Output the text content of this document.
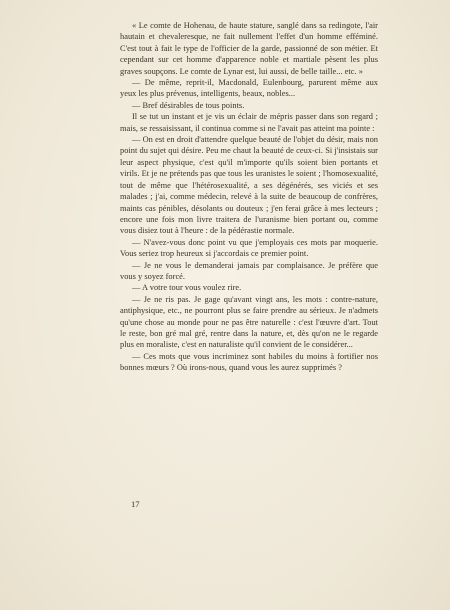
« Le comte de Hohenau, de haute stature, sanglé dans sa redingote, l'air hautain et chevaleresque, ne fait nullement l'effet d'un homme efféminé. C'est tout à fait le type de l'officier de la garde, passionné de son métier. Et cependant sur cet homme d'apparence noble et martiale pèsent les plus graves soupçons. Le comte de Lynar est, lui aussi, de belle taille... etc. »

— De même, reprit-il, Macdonald, Eulenbourg, parurent même aux yeux les plus prévenus, intelligents, beaux, nobles...

— Bref désirables de tous points.

Il se tut un instant et je vis un éclair de mépris passer dans son regard ; mais, se ressaisissant, il continua comme si ne l'avait pas atteint ma pointe :

— On est en droit d'attendre quelque beauté de l'objet du désir, mais non point du sujet qui désire. Peu me chaut la beauté de ceux-ci. Si j'insistais sur leur aspect physique, c'est qu'il m'importe qu'ils soient bien portants et virils. Et je ne prétends pas que tous les uranistes le soient ; l'homosexualité, tout de même que l'hétérosexualité, a ses dégénérés, ses viciés et ses malades ; j'ai, comme médecin, relevé à la suite de beaucoup de confrères, maints cas pénibles, désolants ou douteux ; j'en ferai grâce à mes lecteurs ; encore une fois mon livre traitera de l'uranisme bien portant ou, comme vous disiez tout à l'heure : de la pédérastie normale.

— N'avez-vous donc point vu que j'employais ces mots par moquerie. Vous seriez trop heureux si j'accordais ce premier point.

— Je ne vous le demanderai jamais par complaisance. Je préfère que vous y soyez forcé.

— A votre tour vous voulez rire.

— Je ne ris pas. Je gage qu'avant vingt ans, les mots : contre-nature, antiphysique, etc., ne pourront plus se faire prendre au sérieux. Je n'admets qu'une chose au monde pour ne pas être naturelle : c'est l'œuvre d'art. Tout le reste, bon gré mal gré, rentre dans la nature, et, dès qu'on ne le regarde plus en moraliste, c'est en naturaliste qu'il convient de le considérer...

— Ces mots que vous incriminez sont habiles du moins à fortifier nos bonnes mœurs ? Où irons-nous, quand vous les aurez supprimés ?

17
